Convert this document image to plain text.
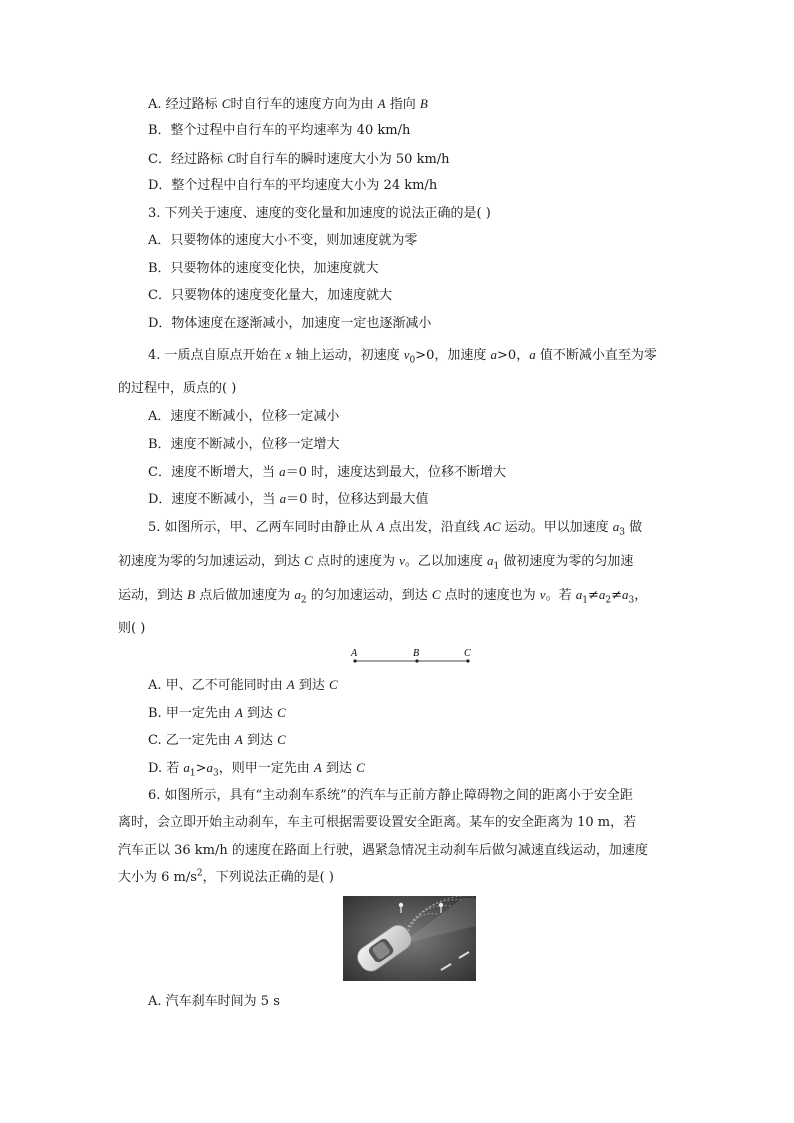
A. 经过路标 C时自行车的速度方向为由 A 指向 B
B．整个过程中自行车的平均速率为 40 km/h
C．经过路标 C时自行车的瞬时速度大小为 50 km/h
D．整个过程中自行车的平均速度大小为 24 km/h
3. 下列关于速度、速度的变化量和加速度的说法正确的是( )
A．只要物体的速度大小不变，则加速度就为零
B．只要物体的速度变化快，加速度就大
C．只要物体的速度变化量大，加速度就大
D．物体速度在逐渐减小，加速度一定也逐渐减小
4. 一质点自原点开始在 x 轴上运动，初速度 $v_0>0$，加速度 a>0，a 值不断减小直至为零
的过程中，质点的( )
A．速度不断减小，位移一定减小
B．速度不断减小，位移一定增大
C．速度不断增大，当 a＝0 时，速度达到最大，位移不断增大
D．速度不断减小，当 a＝0 时，位移达到最大值
5. 如图所示，甲、乙两车同时由静止从 A 点出发，沿直线 AC 运动。甲以加速度 $a_3$ 做
初速度为零的匀加速运动，到达 C 点时的速度为 v。乙以加速度 $a_1$ 做初速度为零的匀加速
运动，到达 B 点后做加速度为 $a_2$ 的匀加速运动，到达 C 点时的速度也为 v。若 $a_1\ne a_2\ne a_3$，
则( )
A	B	C
A. 甲、乙不可能同时由 A 到达 C
B. 甲一定先由 A 到达 C
C. 乙一定先由 A 到达 C
D. 若 $a_1>a_3$，则甲一定先由 A 到达 C
6. 如图所示，具有“主动刹车系统”的汽车与正前方静止障碍物之间的距离小于安全距
离时，会立即开始主动刹车，车主可根据需要设置安全距离。某车的安全距离为 10 m，若
汽车正以 36 km/h 的速度在路面上行驶，遇紧急情况主动刹车后做匀减速直线运动，加速度
大小为 6 $m/s^2$，下列说法正确的是( )
A. 汽车刹车时间为 5 s
